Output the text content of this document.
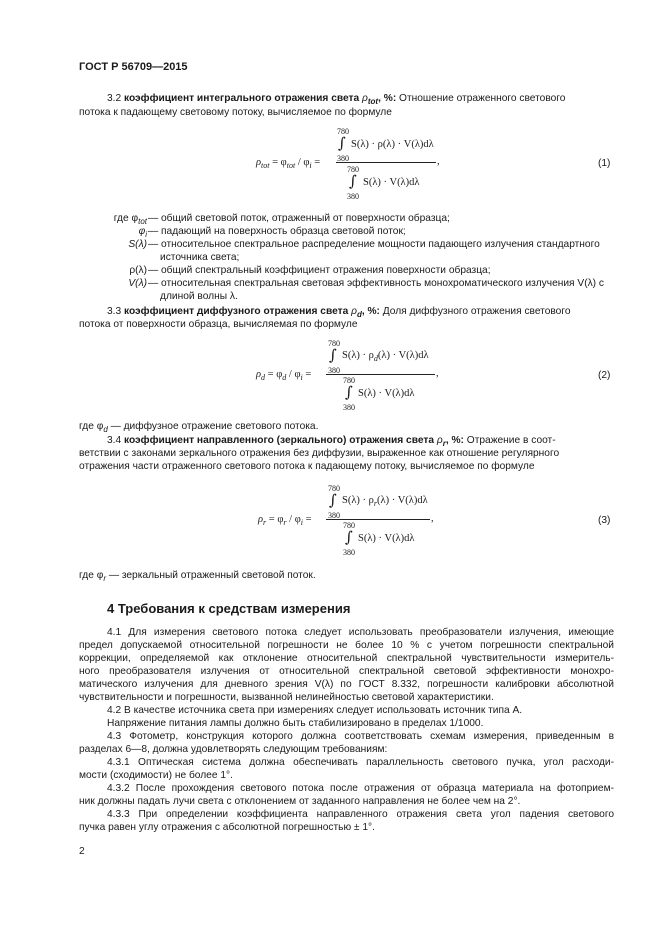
ГОСТ Р 56709—2015
3.2 коэффициент интегрального отражения света $\rho_{tot}$, %: Отношение отраженного светового
потока к падающему световому потоку, вычисляемое по формуле
$\rho_{tot} = \varphi_{tot} / \varphi_i$ =
780
∫ S(λ) · ρ(λ) · V(λ)dλ
380	,
780
∫ S(λ) · V(λ)dλ
380
(1)
где $\varphi_{tot}$ — общий световой поток, отраженный от поверхности образца;
$\varphi_i$ — падающий на поверхность образца световой поток;
S(λ) — относительное спектральное распределение мощности падающего излучения стандартного
источника света;
ρ(λ) — общий спектральный коэффициент отражения поверхности образца;
V(λ) — относительная спектральная световая эффективность монохроматического излучения V(λ) с
длиной волны λ.
3.3 коэффициент диффузного отражения света $\rho_d$, %: Доля диффузного отражения светового
потока от поверхности образца, вычисляемая по формуле
$\rho_d = \varphi_d / \varphi_i$ =
780
∫ $S(\lambda) \cdot \rho_d(\lambda) \cdot V(\lambda)d\lambda$
380	,
780
∫ S(λ) · V(λ)dλ
380
(2)
где $\varphi_d$ — диффузное отражение светового потока.
3.4 коэффициент направленного (зеркального) отражения света $\rho_r$, %: Отражение в соот-
ветствии с законами зеркального отражения без диффузии, выраженное как отношение регулярного
отражения части отраженного светового потока к падающему потоку, вычисляемое по формуле
$\rho_r = \varphi_r / \varphi_i$ =
780
∫ $S(\lambda) \cdot \rho_r(\lambda) \cdot V(\lambda)d\lambda$
380	,
780
∫ S(λ) · V(λ)dλ
380
(3)
где $\varphi_r$ — зеркальный отраженный световой поток.
4 Требования к средствам измерения
4.1 Для измерения светового потока следует использовать преобразователи излучения, имеющие
предел допускаемой относительной погрешности не более 10 % с учетом погрешности спектральной
коррекции, определяемой как отклонение относительной спектральной чувствительности измеритель-
ного преобразователя излучения от относительной спектральной световой эффективности монохро-
матического излучения для дневного зрения V(λ) по ГОСТ 8.332, погрешности калибровки абсолютной
чувствительности и погрешности, вызванной нелинейностью световой характеристики.
4.2 В качестве источника света при измерениях следует использовать источник типа А.
Напряжение питания лампы должно быть стабилизировано в пределах 1/1000.
4.3 Фотометр, конструкция которого должна соответствовать схемам измерения, приведенным в
разделах 6—8, должна удовлетворять следующим требованиям:
4.3.1 Оптическая система должна обеспечивать параллельность светового пучка, угол расходи-
мости (сходимости) не более 1°.
4.3.2 После прохождения светового потока после отражения от образца материала на фотоприем-
ник должны падать лучи света с отклонением от заданного направления не более чем на 2°.
4.3.3 При определении коэффициента направленного отражения света угол падения светового
пучка равен углу отражения с абсолютной погрешностью ± 1°.
2
